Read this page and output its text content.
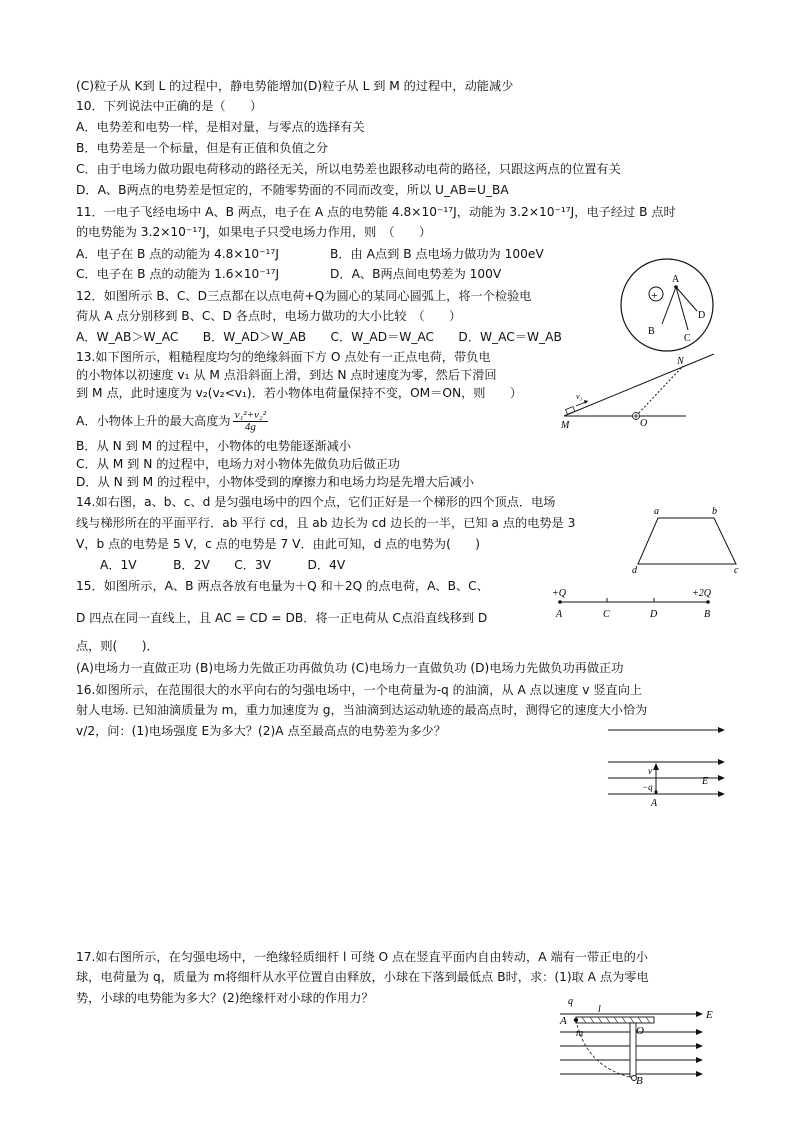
(C)粒子从 K到 L 的过程中，静电势能增加(D)粒子从 L 到 M 的过程中，动能减少
10．下列说法中正确的是（　　）
A．电势差和电势一样，是相对量，与零点的选择有关
B．电势差是一个标量，但是有正值和负值之分
C．由于电场力做功跟电荷移动的路径无关，所以电势差也跟移动电荷的路径，只跟这两点的位置有关
D．A、B两点的电势差是恒定的，不随零势面的不同而改变，所以 U_AB=U_BA
11．一电子飞经电场中 A、B 两点，电子在 A 点的电势能 4.8×10⁻¹⁷J，动能为 3.2×10⁻¹⁷J，电子经过 B 点时
的电势能为 3.2×10⁻¹⁷J，如果电子只受电场力作用，则　（　　）
A．电子在 B 点的动能为 4.8×10⁻¹⁷J	B．由 A点到 B 点电场力做功为 100eV
C．电子在 B 点的动能为 1.6×10⁻¹⁷J	D．A、B两点间电势差为 100V
12．如图所示 B、C、D三点都在以点电荷+Q为圆心的某同心圆弧上，将一个检验电
荷从 A 点分别移到 B、C、D 各点时，电场力做功的大小比较　（　　）
A．W_AB＞W_AC　　B．W_AD＞W_AB　　C．W_AD＝W_AC　　D．W_AC＝W_AB
13.如下图所示，粗糙程度均匀的绝缘斜面下方 O 点处有一正点电荷，带负电
的小物体以初速度 v₁ 从 M 点沿斜面上滑，到达 N 点时速度为零，然后下滑回
到 M 点，此时速度为 v₂(v₂<v₁)．若小物体电荷量保持不变，OM＝ON，则　　）
A．小物体上升的最大高度为 $\frac{\text{v₁²+v₂²}}{4g}$
B．从 N 到 M 的过程中，小物体的电势能逐渐减小
C．从 M 到 N 的过程中，电场力对小物体先做负功后做正功
D．从 N 到 M 的过程中，小物体受到的摩擦力和电场力均是先增大后减小
14.如右图，a、b、c、d 是匀强电场中的四个点，它们正好是一个梯形的四个顶点．电场
线与梯形所在的平面平行．ab 平行 cd，且 ab 边长为 cd 边长的一半，已知 a 点的电势是 3
V，b 点的电势是 5 V，c 点的电势是 7 V．由此可知，d 点的电势为(　　)
A．1V　　　B．2V　　C．3V　　　D．4V
15．如图所示，A、B 两点各放有电量为＋Q 和＋2Q 的点电荷，A、B、C、
D 四点在同一直线上，且 AC = CD = DB．将一正电荷从 C点沿直线移到 D
点，则(　　)．
(A)电场力一直做正功 (B)电场力先做正功再做负功 (C)电场力一直做负功 (D)电场力先做负功再做正功
16.如图所示，在范围很大的水平向右的匀强电场中，一个电荷量为-q 的油滴，从 A 点以速度 v 竖直向上
射人电场. 已知油滴质量为 m，重力加速度为 g，当油滴到达运动轨迹的最高点时，测得它的速度大小恰为
v/2，问：(1)电场强度 E为多大？(2)A 点至最高点的电势差为多少？
17.如右图所示，在匀强电场中，一绝缘轻质细杆 l 可绕 O 点在竖直平面内自由转动，A 端有一带正电的小
球，电荷量为 q，质量为 m将细杆从水平位置自由释放，小球在下落到最低点 B时，求：(1)取 A 点为零电
势，小球的电势能为多大？(2)绝缘杆对小球的作用力？
+
A
B
C
D
N
M	O
v₁
a	b
c
d
+Q	+2Q
A	C	D	B
v
−q	E
A
q
l	E
A
m	O
B
